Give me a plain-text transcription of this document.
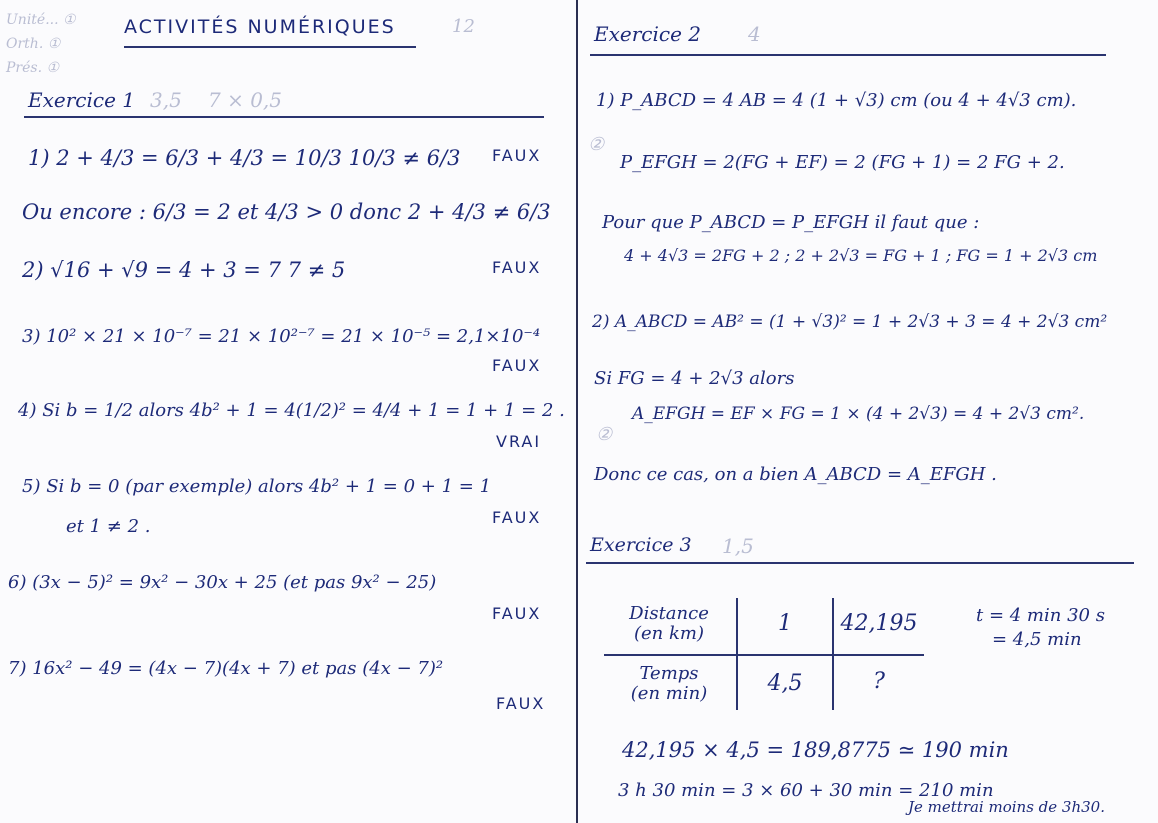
Unité... ①
Orth. ①
Prés. ①
ACTIVITÉS NUMÉRIQUES	12
Exercice 1 3,5 7 × 0,5
1) 2 + 4/3 = 6/3 + 4/3 = 10/3 10/3 ≠ 6/3 FAUX
Ou encore : 6/3 = 2 et 4/3 > 0 donc 2 + 4/3 ≠ 6/3
2) √16 + √9 = 4 + 3 = 7 7 ≠ 5	FAUX
3) 10² × 21 × 10⁻⁷ = 21 × 10²⁻⁷ = 21 × 10⁻⁵ = 2,1×10⁻⁴
FAUX
4) Si b = 1/2 alors 4b² + 1 = 4(1/2)² = 4/4 + 1 = 1 + 1 = 2 .
VRAI
5) Si b = 0 (par exemple) alors 4b² + 1 = 0 + 1 = 1
et 1 ≠ 2 .	FAUX
6) (3x − 5)² = 9x² − 30x + 25 (et pas 9x² − 25)
FAUX
7) 16x² − 49 = (4x − 7)(4x + 7) et pas (4x − 7)²
FAUX
Exercice 2 4
1) P_ABCD = 4 AB = 4 (1 + √3) cm (ou 4 + 4√3 cm).
②
P_EFGH = 2(FG + EF) = 2 (FG + 1) = 2 FG + 2.
Pour que P_ABCD = P_EFGH il faut que :
4 + 4√3 = 2FG + 2 ; 2 + 2√3 = FG + 1 ; FG = 1 + 2√3 cm
2) A_ABCD = AB² = (1 + √3)² = 1 + 2√3 + 3 = 4 + 2√3 cm²
Si FG = 4 + 2√3 alors
②
A_EFGH = EF × FG = 1 × (4 + 2√3) = 4 + 2√3 cm².
Donc ce cas, on a bien A_ABCD = A_EFGH .
Exercice 3 1,5
Distance
(en km)	1	42,195
Temps
(en min)	4,5	?
t = 4 min 30 s
= 4,5 min
42,195 × 4,5 = 189,8775 ≃ 190 min
3 h 30 min = 3 × 60 + 30 min = 210 min
Je mettrai moins de 3h30.
